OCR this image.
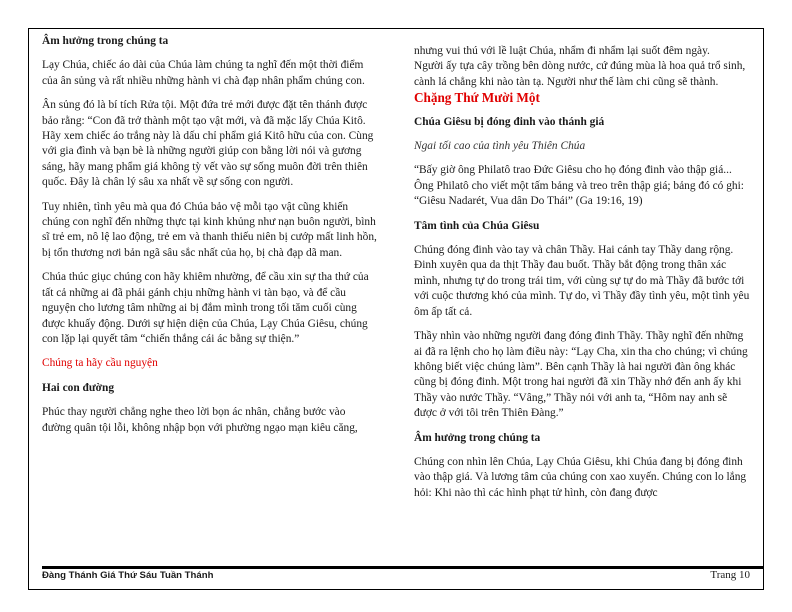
Âm hưởng trong chúng ta

Lạy Chúa, chiếc áo dài của Chúa làm chúng ta nghĩ đến một thời điểm của ân sủng và rất nhiều những hành vi chà đạp nhân phẩm chúng con.

Ân sủng đó là bí tích Rửa tội. Một đứa trẻ mới được đặt tên thánh được bảo rằng: “Con đã trở thành một tạo vật mới, và đã mặc lấy Chúa Kitô. Hãy xem chiếc áo trắng này là dấu chỉ phẩm giá Kitô hữu của con. Cùng với gia đình và bạn bè là những người giúp con bằng lời nói và gương sáng, hãy mang phẩm giá không tỳ vết vào sự sống muôn đời trên thiên quốc. Đây là chân lý sâu xa nhất về sự sống con người.

Tuy nhiên, tình yêu mà qua đó Chúa bảo vệ mỗi tạo vật cũng khiến chúng con nghĩ đến những thực tại kinh khủng như nạn buôn người, bình sĩ trẻ em, nô lệ lao động, trẻ em và thanh thiếu niên bị cướp mất linh hồn, bị tổn thương nơi bản ngã sâu sắc nhất của họ, bị chà đạp dã man.

Chúa thúc giục chúng con hãy khiêm nhường, để cầu xin sự tha thứ của tất cả những ai đã phải gánh chịu những hành vi tàn bạo, và để cầu nguyện cho lương tâm những ai bị đắm mình trong tối tăm cuối cùng được khuấy động. Dưới sự hiện diện của Chúa, Lạy Chúa Giêsu, chúng con lặp lại quyết tâm “chiến thắng cái ác bằng sự thiện.”

Chúng ta hãy cầu nguyện

Hai con đường

Phúc thay người chẳng nghe theo lời bọn ác nhân, chẳng bước vào đường quân tội lỗi, không nhập bọn với phường ngạo mạn kiêu căng,

nhưng vui thú với lề luật Chúa, nhẩm đi nhẩm lại suốt đêm ngày.

Người ấy tựa cây trồng bên dòng nước, cứ đúng mùa là hoa quả trổ sinh,

cành lá chẳng khi nào tàn tạ. Người như thế làm chi cũng sẽ thành.

Chặng Thứ Mười Một

Chúa Giêsu bị đóng đinh vào thánh giá

Ngai tối cao của tình yêu Thiên Chúa

“Bấy giờ ông Philatô trao Đức Giêsu cho họ đóng đinh vào thập giá... Ông Philatô cho viết một tấm bảng và treo trên thập giá; bảng đó có ghi: “Giêsu Nadarét, Vua dân Do Thái” (Ga 19:16, 19)

Tâm tình của Chúa Giêsu

Chúng đóng đinh vào tay và chân Thầy. Hai cánh tay Thầy dang rộng. Đinh xuyên qua da thịt Thầy đau buốt. Thầy bắt động trong thân xác mình, nhưng tự do trong trái tim, với cùng sự tự do mà Thầy đã bước tới với cuộc thương khó của mình. Tự do, vì Thầy đầy tình yêu, một tình yêu ôm ấp tất cả.

Thầy nhìn vào những người đang đóng đinh Thầy. Thầy nghĩ đến những ai đã ra lệnh cho họ làm điều này: “Lạy Cha, xin tha cho chúng; vì chúng không biết việc chúng làm”. Bên cạnh Thầy là hai người đàn ông khác cũng bị đóng đinh. Một trong hai người đã xin Thầy nhớ đến anh ấy khi Thầy vào nước Thầy. “Vâng,” Thầy nói với anh ta, “Hôm nay anh sẽ được ở với tôi trên Thiên Đàng.”

Âm hưởng trong chúng ta

Chúng con nhìn lên Chúa, Lạy Chúa Giêsu, khi Chúa đang bị đóng đinh vào thập giá. Và lương tâm của chúng con xao xuyến. Chúng con lo lắng hỏi: Khi nào thì các hình phạt tử hình, còn đang được

Đàng Thánh Giá Thứ Sáu Tuần Thánh	Trang 10
